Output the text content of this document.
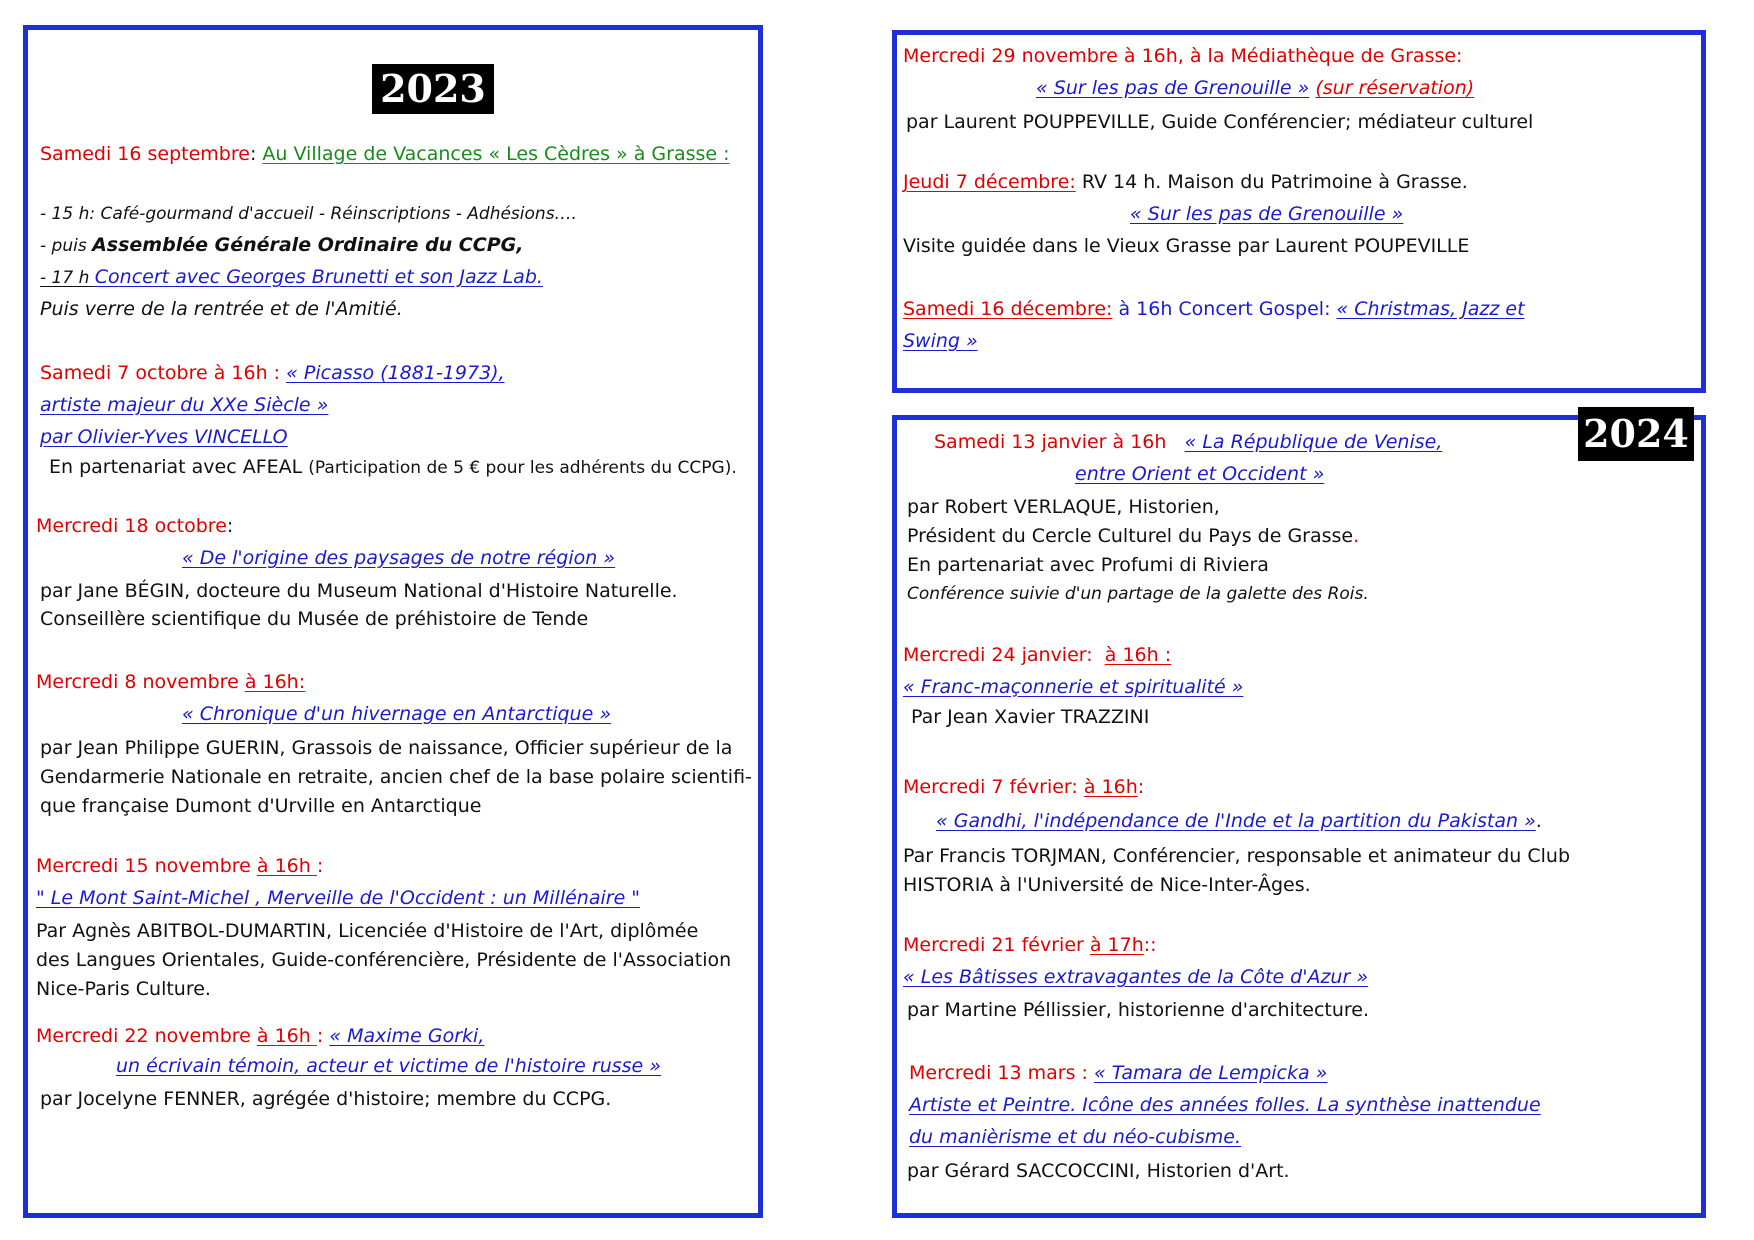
2023
Samedi 16 septembre: Au Village de Vacances « Les Cèdres » à Grasse :
- 15 h: Café-gourmand d'accueil - Réinscriptions - Adhésions….
- puis Assemblée Générale Ordinaire du CCPG,
- 17 h Concert avec Georges Brunetti et son Jazz Lab.
Puis verre de la rentrée et de l'Amitié.
Samedi 7 octobre à 16h : « Picasso (1881-1973),
artiste majeur du XXe Siècle »
par Olivier-Yves VINCELLO
En partenariat avec AFEAL (Participation de 5 € pour les adhérents du CCPG).
Mercredi 18 octobre:
« De l'origine des paysages de notre région »
par Jane BÉGIN, docteure du Museum National d'Histoire Naturelle.
Conseillère scientifique du Musée de préhistoire de Tende
Mercredi 8 novembre à 16h:
« Chronique d'un hivernage en Antarctique »
par Jean Philippe GUERIN, Grassois de naissance, Officier supérieur de la
Gendarmerie Nationale en retraite, ancien chef de la base polaire scientifi-
que française Dumont d'Urville en Antarctique
Mercredi 15 novembre à 16h :
" Le Mont Saint-Michel , Merveille de l'Occident : un Millénaire "
Par Agnès ABITBOL-DUMARTIN, Licenciée d'Histoire de l'Art, diplômée
des Langues Orientales, Guide-conférencière, Présidente de l'Association
Nice-Paris Culture.
Mercredi 22 novembre à 16h : « Maxime Gorki,
un écrivain témoin, acteur et victime de l'histoire russe »
par Jocelyne FENNER, agrégée d'histoire; membre du CCPG.
Mercredi 29 novembre à 16h, à la Médiathèque de Grasse:
« Sur les pas de Grenouille » (sur réservation)
par Laurent POUPPEVILLE, Guide Conférencier; médiateur culturel
Jeudi 7 décembre: RV 14 h. Maison du Patrimoine à Grasse.
« Sur les pas de Grenouille »
Visite guidée dans le Vieux Grasse par Laurent POUPEVILLE
Samedi 16 décembre: à 16h Concert Gospel: « Christmas, Jazz et
Swing »
2024
Samedi 13 janvier à 16h « La République de Venise,
entre Orient et Occident »
par Robert VERLAQUE, Historien,
Président du Cercle Culturel du Pays de Grasse.
En partenariat avec Profumi di Riviera
Conférence suivie d'un partage de la galette des Rois.
Mercredi 24 janvier: à 16h :
« Franc-maçonnerie et spiritualité »
Par Jean Xavier TRAZZINI
Mercredi 7 février: à 16h:
« Gandhi, l'indépendance de l'Inde et la partition du Pakistan ».
Par Francis TORJMAN, Conférencier, responsable et animateur du Club
HISTORIA à l'Université de Nice-Inter-Âges.
Mercredi 21 février à 17h::
« Les Bâtisses extravagantes de la Côte d'Azur »
par Martine Péllissier, historienne d'architecture.
Mercredi 13 mars : « Tamara de Lempicka »
Artiste et Peintre. Icône des années folles. La synthèse inattendue
du manièrisme et du néo-cubisme.
par Gérard SACCOCCINI, Historien d'Art.
